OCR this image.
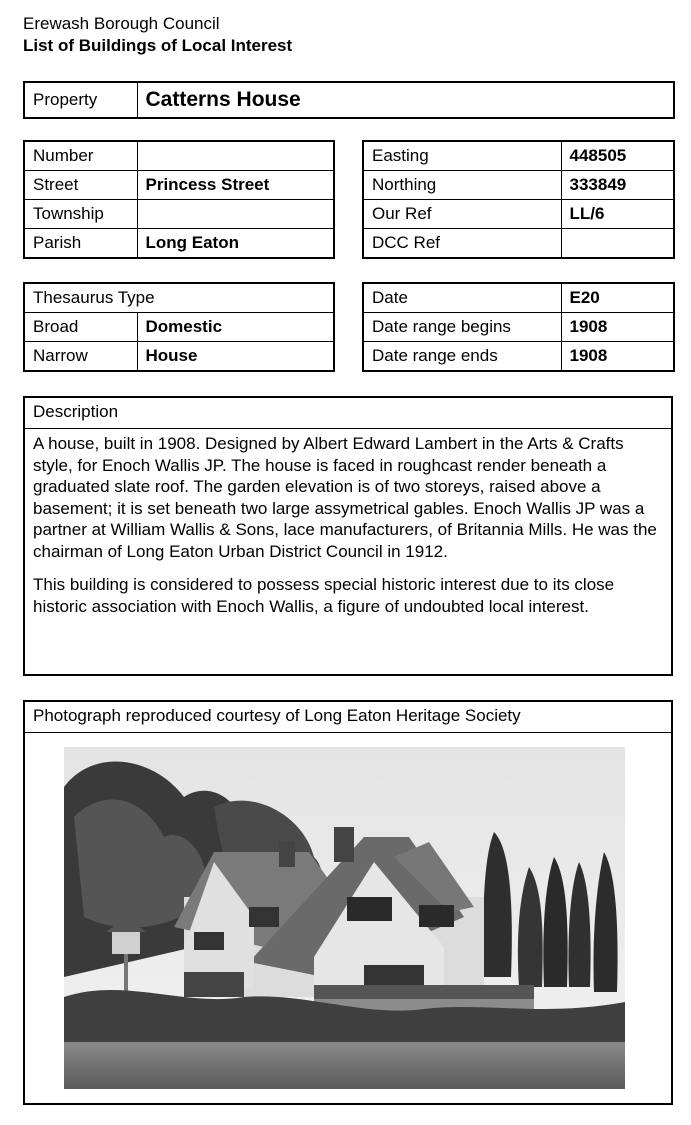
Erewash Borough Council
List of Buildings of Local Interest
Property	Catterns House
Number	
Street	Princess Street
Township	
Parish	Long Eaton
Easting	448505
Northing	333849
Our Ref	LL/6
DCC Ref	
Thesaurus Type	
Broad	Domestic
Narrow	House
Date	E20
Date range begins	1908
Date range ends	1908
Description

A house, built in 1908. Designed by Albert Edward Lambert in the Arts & Crafts style, for Enoch Wallis JP. The house is faced in roughcast render beneath a graduated slate roof. The garden elevation is of two storeys, raised above a basement; it is set beneath two large assymetrical gables. Enoch Wallis JP was a partner at William Wallis & Sons, lace manufacturers, of Britannia Mills. He was the chairman of Long Eaton Urban District Council in 1912.

This building is considered to possess special historic interest due to its close historic association with Enoch Wallis, a figure of undoubted local interest.

Photograph reproduced courtesy of Long Eaton Heritage Society
